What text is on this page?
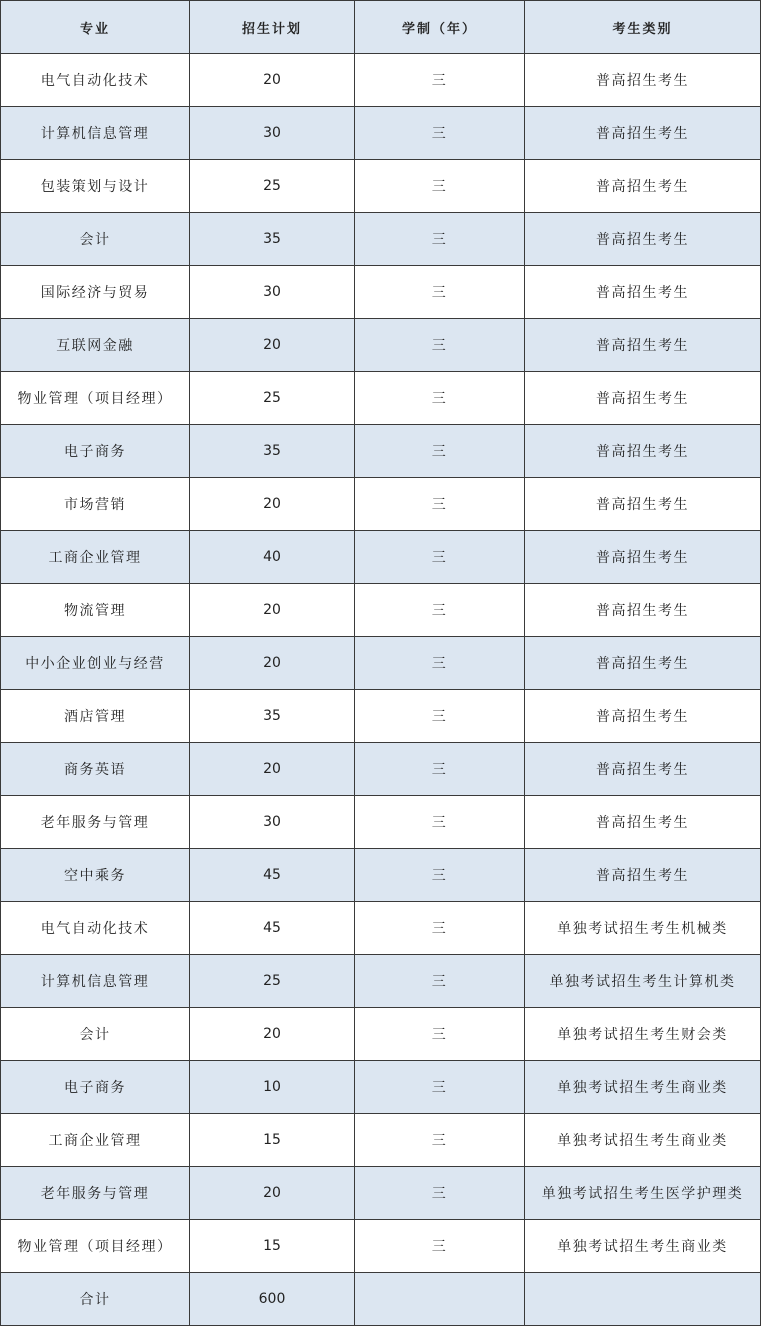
专业	招生计划	学制（年）	考生类别
电气自动化技术	20	三	普高招生考生
计算机信息管理	30	三	普高招生考生
包装策划与设计	25	三	普高招生考生
会计	35	三	普高招生考生
国际经济与贸易	30	三	普高招生考生
互联网金融	20	三	普高招生考生
物业管理（项目经理）	25	三	普高招生考生
电子商务	35	三	普高招生考生
市场营销	20	三	普高招生考生
工商企业管理	40	三	普高招生考生
物流管理	20	三	普高招生考生
中小企业创业与经营	20	三	普高招生考生
酒店管理	35	三	普高招生考生
商务英语	20	三	普高招生考生
老年服务与管理	30	三	普高招生考生
空中乘务	45	三	普高招生考生
电气自动化技术	45	三	单独考试招生考生机械类
计算机信息管理	25	三	单独考试招生考生计算机类
会计	20	三	单独考试招生考生财会类
电子商务	10	三	单独考试招生考生商业类
工商企业管理	15	三	单独考试招生考生商业类
老年服务与管理	20	三	单独考试招生考生医学护理类
物业管理（项目经理）	15	三	单独考试招生考生商业类
合计	600		
